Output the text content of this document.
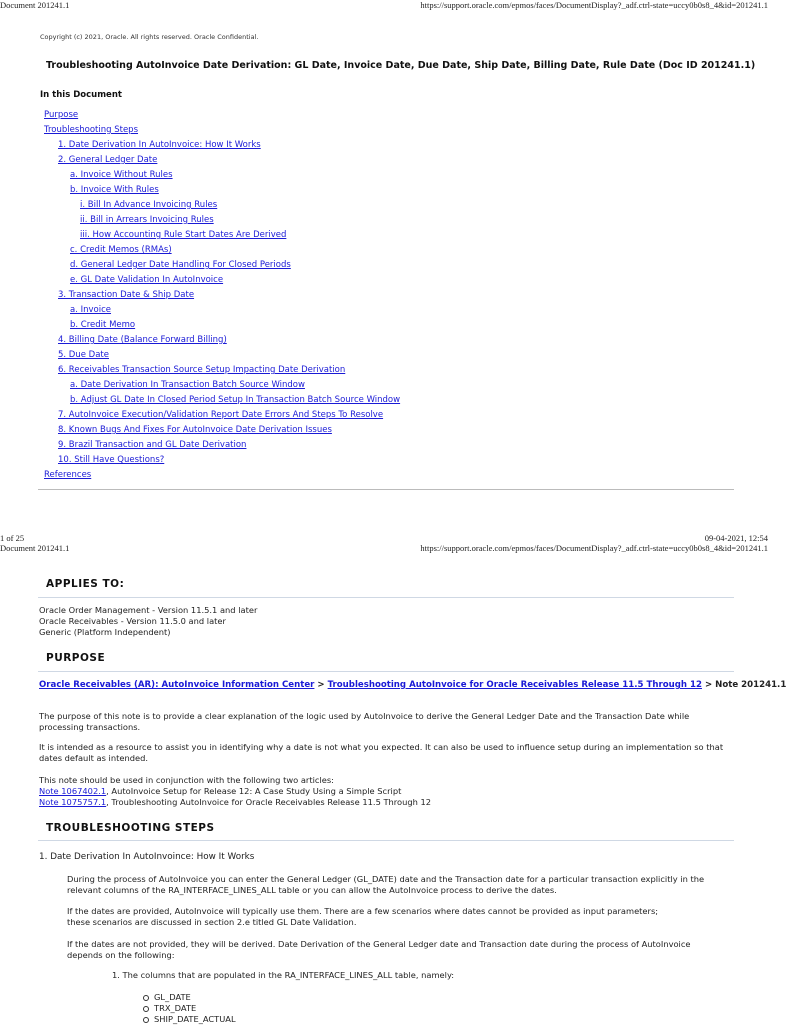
Document 201241.1	https://support.oracle.com/epmos/faces/DocumentDisplay?_adf.ctrl-state=uccy0b0s8_4&id=201241.1
Copyright (c) 2021, Oracle. All rights reserved. Oracle Confidential.
Troubleshooting AutoInvoice Date Derivation: GL Date, Invoice Date, Due Date, Ship Date, Billing Date, Rule Date (Doc ID 201241.1)
In this Document
Purpose
Troubleshooting Steps
1. Date Derivation In AutoInvoice: How It Works
2. General Ledger Date
a. Invoice Without Rules
b. Invoice With Rules
i. Bill In Advance Invoicing Rules
ii. Bill in Arrears Invoicing Rules
iii. How Accounting Rule Start Dates Are Derived
c. Credit Memos (RMAs)
d. General Ledger Date Handling For Closed Periods
e. GL Date Validation In AutoInvoice
3. Transaction Date & Ship Date
a. Invoice
b. Credit Memo
4. Billing Date (Balance Forward Billing)
5. Due Date
6. Receivables Transaction Source Setup Impacting Date Derivation
a. Date Derivation In Transaction Batch Source Window
b. Adjust GL Date In Closed Period Setup In Transaction Batch Source Window
7. AutoInvoice Execution/Validation Report Date Errors And Steps To Resolve
8. Known Bugs And Fixes For AutoInvoice Date Derivation Issues
9. Brazil Transaction and GL Date Derivation
10. Still Have Questions?
References
1 of 25	09-04-2021, 12:54
Document 201241.1	https://support.oracle.com/epmos/faces/DocumentDisplay?_adf.ctrl-state=uccy0b0s8_4&id=201241.1
APPLIES TO:
Oracle Order Management - Version 11.5.1 and later
Oracle Receivables - Version 11.5.0 and later
Generic (Platform Independent)
PURPOSE
Oracle Receivables (AR): AutoInvoice Information Center > Troubleshooting AutoInvoice for Oracle Receivables Release 11.5 Through 12 > Note 201241.1
The purpose of this note is to provide a clear explanation of the logic used by AutoInvoice to derive the General Ledger Date and the Transaction Date while processing transactions.
It is intended as a resource to assist you in identifying why a date is not what you expected. It can also be used to influence setup during an implementation so that dates default as intended.
This note should be used in conjunction with the following two articles:
Note 1067402.1, AutoInvoice Setup for Release 12: A Case Study Using a Simple Script
Note 1075757.1, Troubleshooting AutoInvoice for Oracle Receivables Release 11.5 Through 12
TROUBLESHOOTING STEPS
1. Date Derivation In AutoInvoince: How It Works
During the process of AutoInvoice you can enter the General Ledger (GL_DATE) date and the Transaction date for a particular transaction explicitly in the relevant columns of the RA_INTERFACE_LINES_ALL table or you can allow the AutoInvoice process to derive the dates.
If the dates are provided, AutoInvoice will typically use them. There are a few scenarios where dates cannot be provided as input parameters; these scenarios are discussed in section 2.e titled GL Date Validation.
If the dates are not provided, they will be derived. Date Derivation of the General Ledger date and Transaction date during the process of AutoInvoice depends on the following:
1. The columns that are populated in the RA_INTERFACE_LINES_ALL table, namely:
GL_DATE
TRX_DATE
SHIP_DATE_ACTUAL
